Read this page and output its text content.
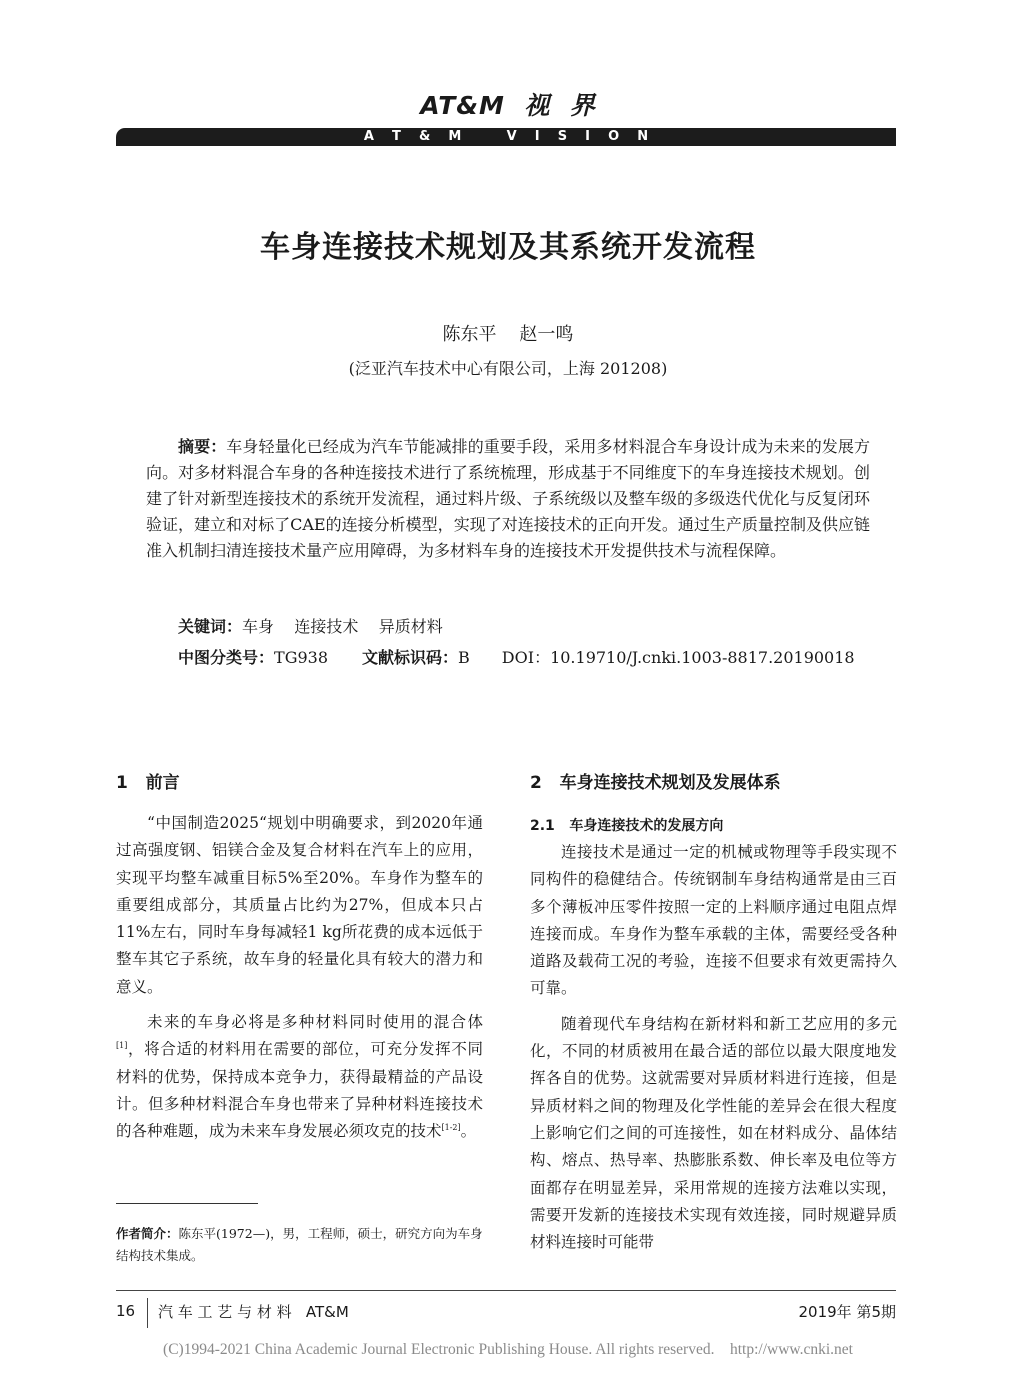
AT&M  视  界
A    T    &    M          V    I    S    I    O    N
车身连接技术规划及其系统开发流程
陈东平    赵一鸣
(泛亚汽车技术中心有限公司，上海 201208)
摘要：车身轻量化已经成为汽车节能减排的重要手段，采用多材料混合车身设计成为未来的发展方向。对多材料混合车身的各种连接技术进行了系统梳理，形成基于不同维度下的车身连接技术规划。创建了针对新型连接技术的系统开发流程，通过料片级、子系统级以及整车级的多级迭代优化与反复闭环验证，建立和对标了CAE的连接分析模型，实现了对连接技术的正向开发。通过生产质量控制及供应链准入机制扫清连接技术量产应用障碍，为多材料车身的连接技术开发提供技术与流程保障。
关键词：车身    连接技术    异质材料
中图分类号：TG938 文献标识码：B DOI：10.19710/J.cnki.1003-8817.20190018
1   前言

“中国制造2025“规划中明确要求，到2020年通过高强度钢、铝镁合金及复合材料在汽车上的应用，实现平均整车减重目标5%至20%。车身作为整车的重要组成部分，其质量占比约为27%，但成本只占11%左右，同时车身每减轻1 kg所花费的成本远低于整车其它子系统，故车身的轻量化具有较大的潜力和意义。

未来的车身必将是多种材料同时使用的混合体[1]，将合适的材料用在需要的部位，可充分发挥不同材料的优势，保持成本竞争力，获得最精益的产品设计。但多种材料混合车身也带来了异种材料连接技术的各种难题，成为未来车身发展必须攻克的技术[1-2]。

作者简介：陈东平(1972—)，男，工程师，硕士，研究方向为车身结构技术集成。
2   车身连接技术规划及发展体系
2.1   车身连接技术的发展方向

连接技术是通过一定的机械或物理等手段实现不同构件的稳健结合。传统钢制车身结构通常是由三百多个薄板冲压零件按照一定的上料顺序通过电阻点焊连接而成。车身作为整车承载的主体，需要经受各种道路及载荷工况的考验，连接不但要求有效更需持久可靠。

随着现代车身结构在新材料和新工艺应用的多元化，不同的材质被用在最合适的部位以最大限度地发挥各自的优势。这就需要对异质材料进行连接，但是异质材料之间的物理及化学性能的差异会在很大程度上影响它们之间的可连接性，如在材料成分、晶体结构、熔点、热导率、热膨胀系数、伸长率及电位等方面都存在明显差异，采用常规的连接方法难以实现，需要开发新的连接技术实现有效连接，同时规避异质材料连接时可能带

16 汽 车 工 艺 与 材 料   AT&M	2019年 第5期
(C)1994-2021 China Academic Journal Electronic Publishing House. All rights reserved.    http://www.cnki.net
